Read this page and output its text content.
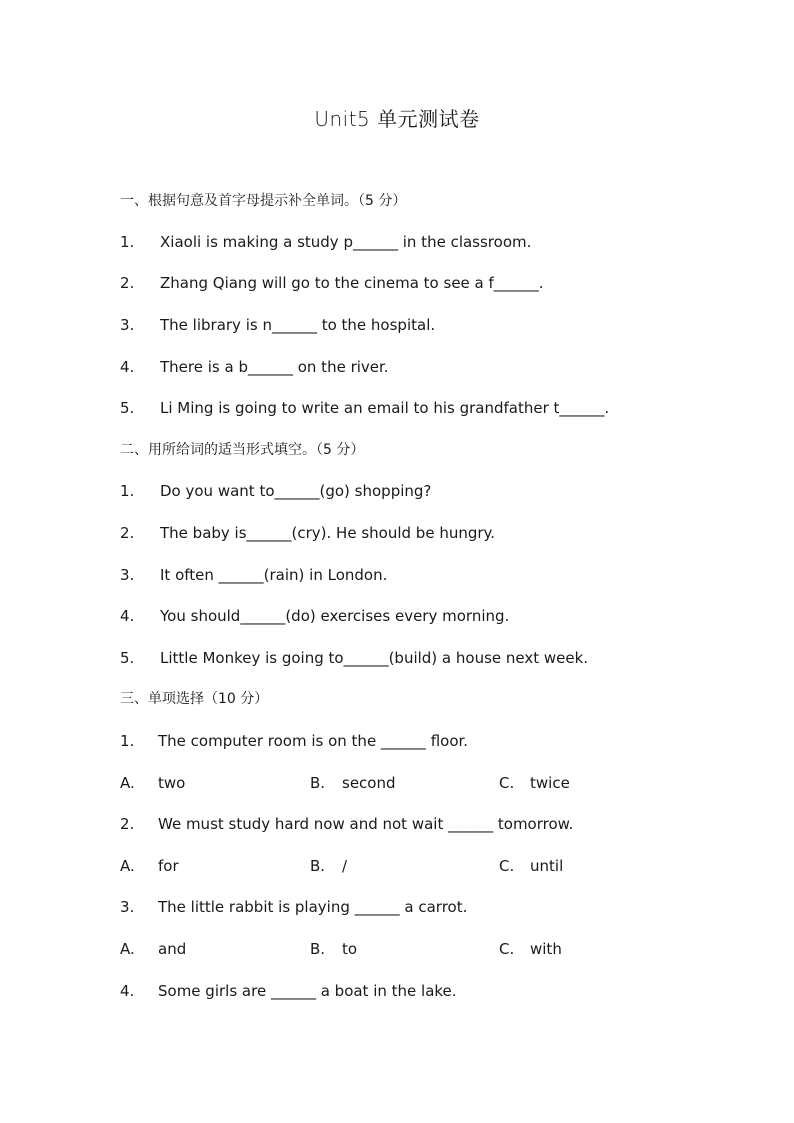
Unit5 单元测试卷
一、根据句意及首字母提示补全单词。（5 分）
1. Xiaoli is making a study p______ in the classroom.
2. Zhang Qiang will go to the cinema to see a f______.
3. The library is n______ to the hospital.
4. There is a b______ on the river.
5. Li Ming is going to write an email to his grandfather t______.
二、用所给词的适当形式填空。（5 分）
1. Do you want to______(go) shopping?
2. The baby is______(cry). He should be hungry.
3. It often ______(rain) in London.
4. You should______(do) exercises every morning.
5. Little Monkey is going to______(build) a house next week.
三、单项选择（10 分）
1. The computer room is on the ______ floor.
A. two	B. second	C. twice
2. We must study hard now and not wait ______ tomorrow.
A. for	B. /	C. until
3. The little rabbit is playing ______ a carrot.
A. and	B. to	C. with
4. Some girls are ______ a boat in the lake.
